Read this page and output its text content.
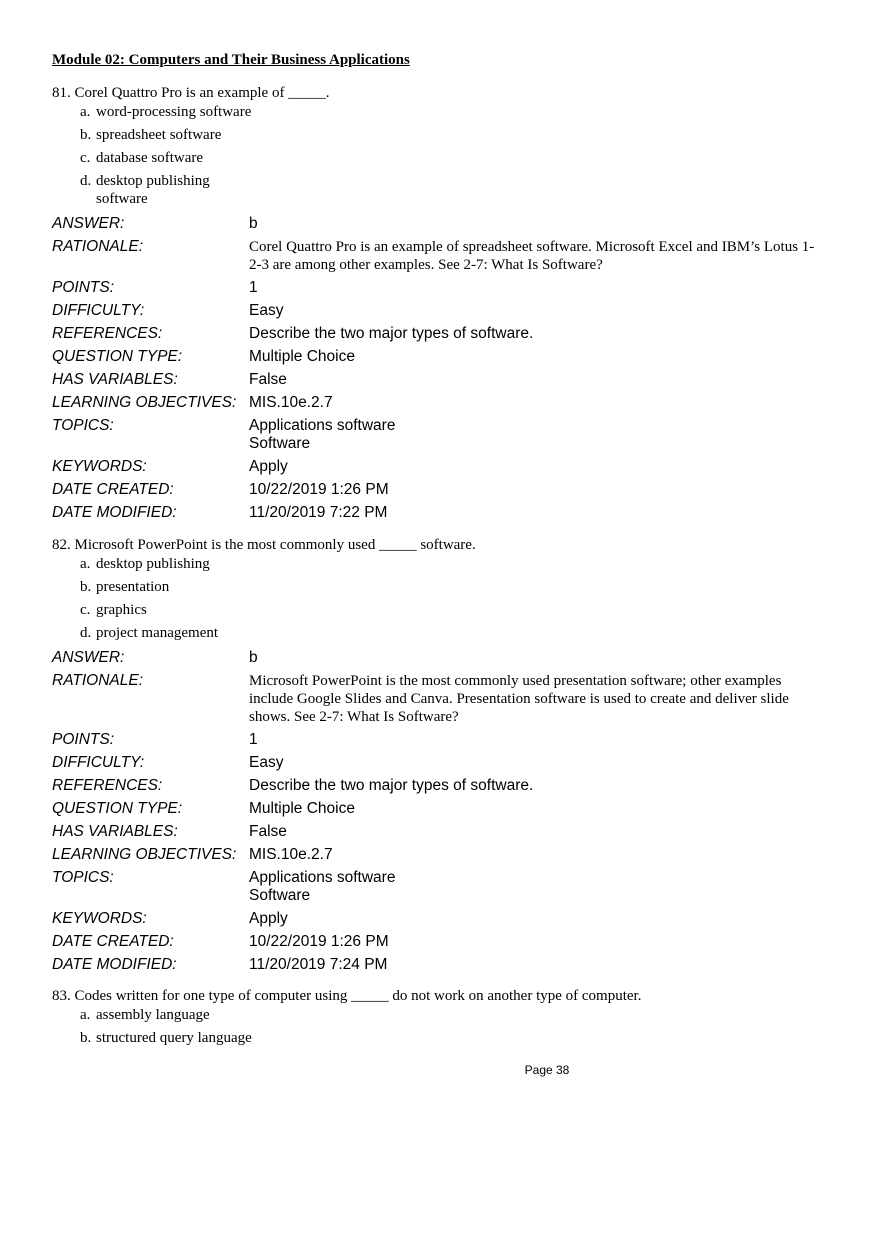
Module 02: Computers and Their Business Applications
81. Corel Quattro Pro is an example of _____.
a. word-processing software
b. spreadsheet software
c. database software
d. desktop publishing software
ANSWER:	b
RATIONALE:	Corel Quattro Pro is an example of spreadsheet software. Microsoft Excel and IBM’s Lotus 1-2-3 are among other examples. See 2-7: What Is Software?
POINTS:	1
DIFFICULTY:	Easy
REFERENCES:	Describe the two major types of software.
QUESTION TYPE:	Multiple Choice
HAS VARIABLES:	False
LEARNING OBJECTIVES: MIS.10e.2.7
TOPICS:	Applications software
Software
KEYWORDS:	Apply
DATE CREATED:	10/22/2019 1:26 PM
DATE MODIFIED:	11/20/2019 7:22 PM
82. Microsoft PowerPoint is the most commonly used _____ software.
a. desktop publishing
b. presentation
c. graphics
d. project management
ANSWER:	b
RATIONALE:	Microsoft PowerPoint is the most commonly used presentation software; other examples include Google Slides and Canva. Presentation software is used to create and deliver slide shows. See 2-7: What Is Software?
POINTS:	1
DIFFICULTY:	Easy
REFERENCES:	Describe the two major types of software.
QUESTION TYPE:	Multiple Choice
HAS VARIABLES:	False
LEARNING OBJECTIVES: MIS.10e.2.7
TOPICS:	Applications software
Software
KEYWORDS:	Apply
DATE CREATED:	10/22/2019 1:26 PM
DATE MODIFIED:	11/20/2019 7:24 PM
83. Codes written for one type of computer using _____ do not work on another type of computer.
a. assembly language
b. structured query language
Page 38
